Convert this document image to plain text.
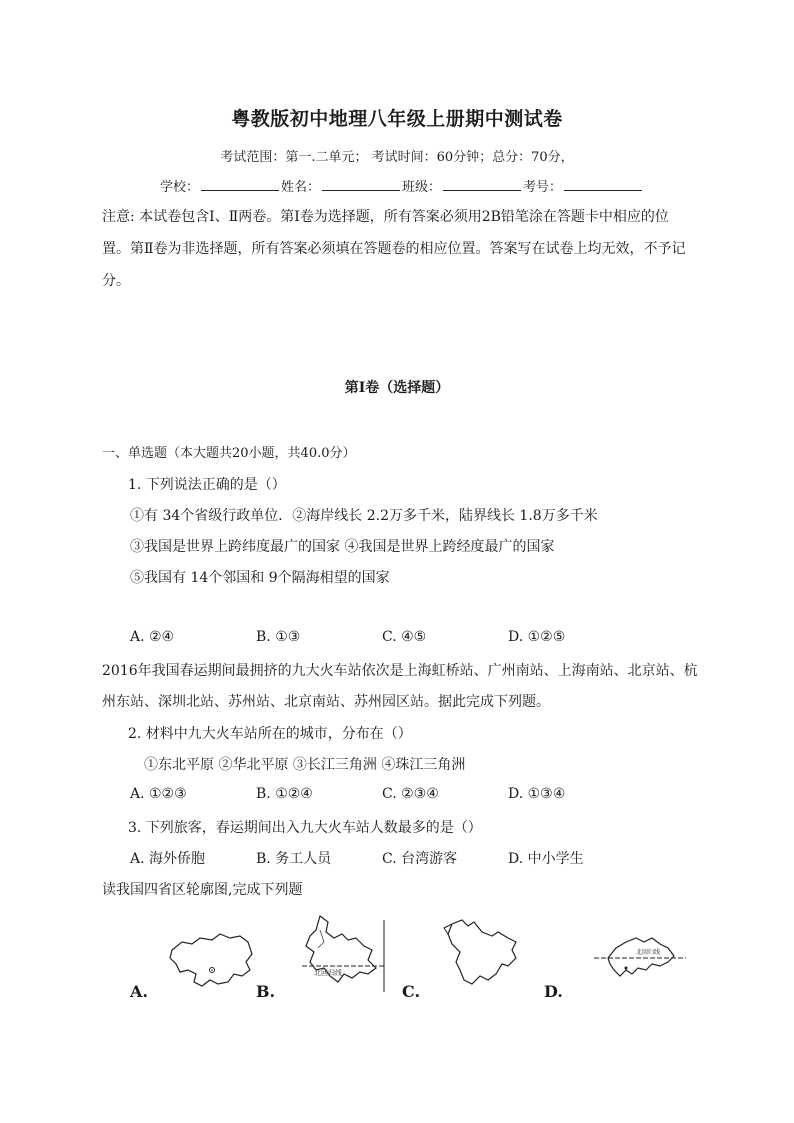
粤教版初中地理八年级上册期中测试卷
考试范围：第一.二单元； 考试时间：60分钟；总分：70分，
学校：	姓名：	班级：	考号：
注意: 本试卷包含Ⅰ、Ⅱ两卷。第Ⅰ卷为选择题，所有答案必须用2B铅笔涂在答题卡中相应的位
置。第Ⅱ卷为非选择题，所有答案必须填在答题卷的相应位置。答案写在试卷上均无效，不予记
分。
第Ⅰ卷（选择题）
一、单选题（本大题共20小题，共40.0分）
1. 下列说法正确的是（）
①有 34个省级行政单位．②海岸线长 2.2万多千米，陆界线长 1.8万多千米
③我国是世界上跨纬度最广的国家 ④我国是世界上跨经度最广的国家
⑤我国有 14个邻国和 9个隔海相望的国家
A. ②④	B. ①③	C. ④⑤	D. ①②⑤
2016年我国春运期间最拥挤的九大火车站依次是上海虹桥站、广州南站、上海南站、北京站、杭
州东站、深圳北站、苏州站、北京南站、苏州园区站。据此完成下列题。
2. 材料中九大火车站所在的城市，分布在（）
①东北平原 ②华北平原 ③长江三角洲 ④珠江三角洲
A. ①②③	B. ①②④	C. ②③④	D. ①③④
3. 下列旅客，春运期间出入九大火车站人数最多的是（）
A. 海外侨胞	B. 务工人员	C. 台湾游客	D. 中小学生
读我国四省区轮廓图,完成下列题
A.	B.	C.	D.
北回归线
北回归线
